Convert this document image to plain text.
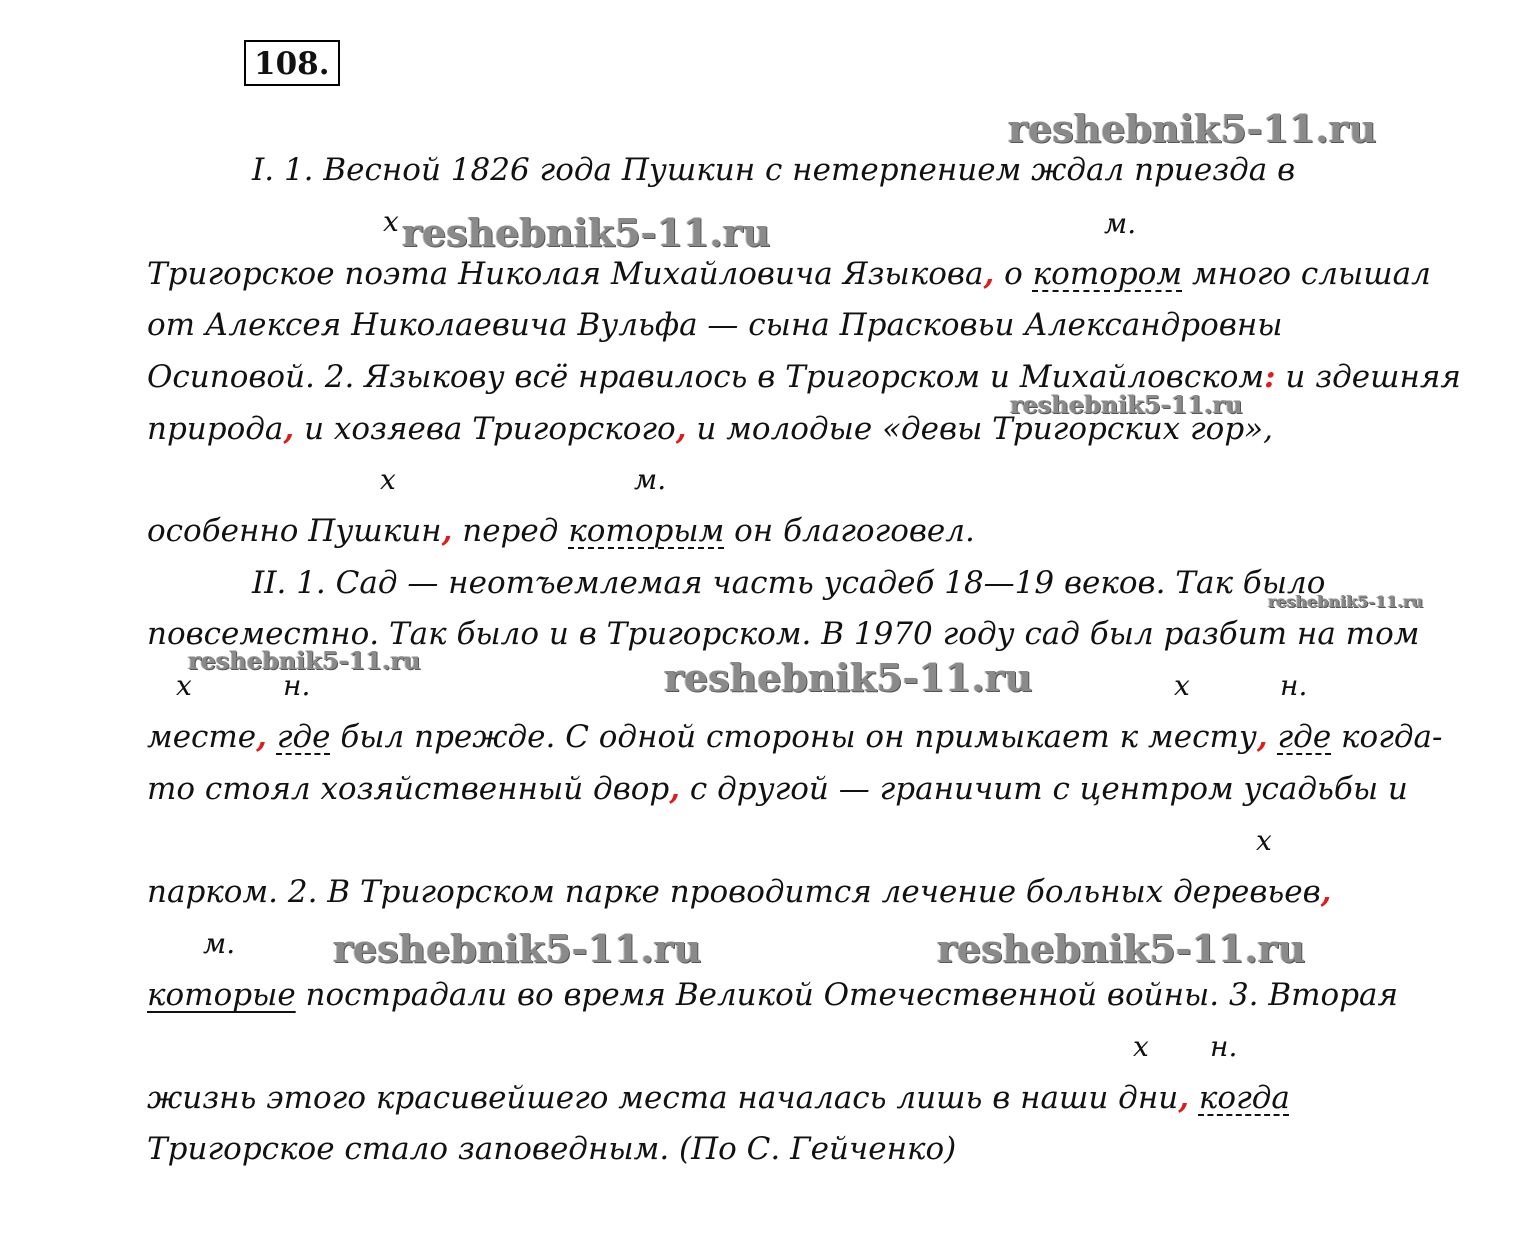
108.
I. 1. Весной 1826 года Пушкин с нетерпением ждал приезда в
Тригорское поэта Николая Михайловича Языкова, о котором много слышал
от Алексея Николаевича Вульфа — сына Прасковьи Александровны
Осиповой. 2. Языкову всё нравилось в Тригорском и Михайловском: и здешняя
природа, и хозяева Тригорского, и молодые «девы Тригорских гор»,
особенно Пушкин, перед которым он благоговел.
II. 1. Сад — неотъемлемая часть усадеб 18—19 веков. Так было
повсеместно. Так было и в Тригорском. В 1970 году сад был разбит на том
месте, где был прежде. С одной стороны он примыкает к месту, где когда-
то стоял хозяйственный двор, с другой — граничит с центром усадьбы и
парком. 2. В Тригорском парке проводится лечение больных деревьев,
которые пострадали во время Великой Отечественной войны. 3. Вторая
жизнь этого красивейшего места началась лишь в наши дни, когда
Тригорское стало заповедным. (По С. Гейченко)
х	м.
х	м.
х	н.	х	н.
х
м.
х н.
reshebnik5-11.ru
reshebnik5-11.ru
reshebnik5-11.ru
reshebnik5-11.ru
reshebnik5-11.ru	reshebnik5-11.ru
reshebnik5-11.ru	reshebnik5-11.ru
